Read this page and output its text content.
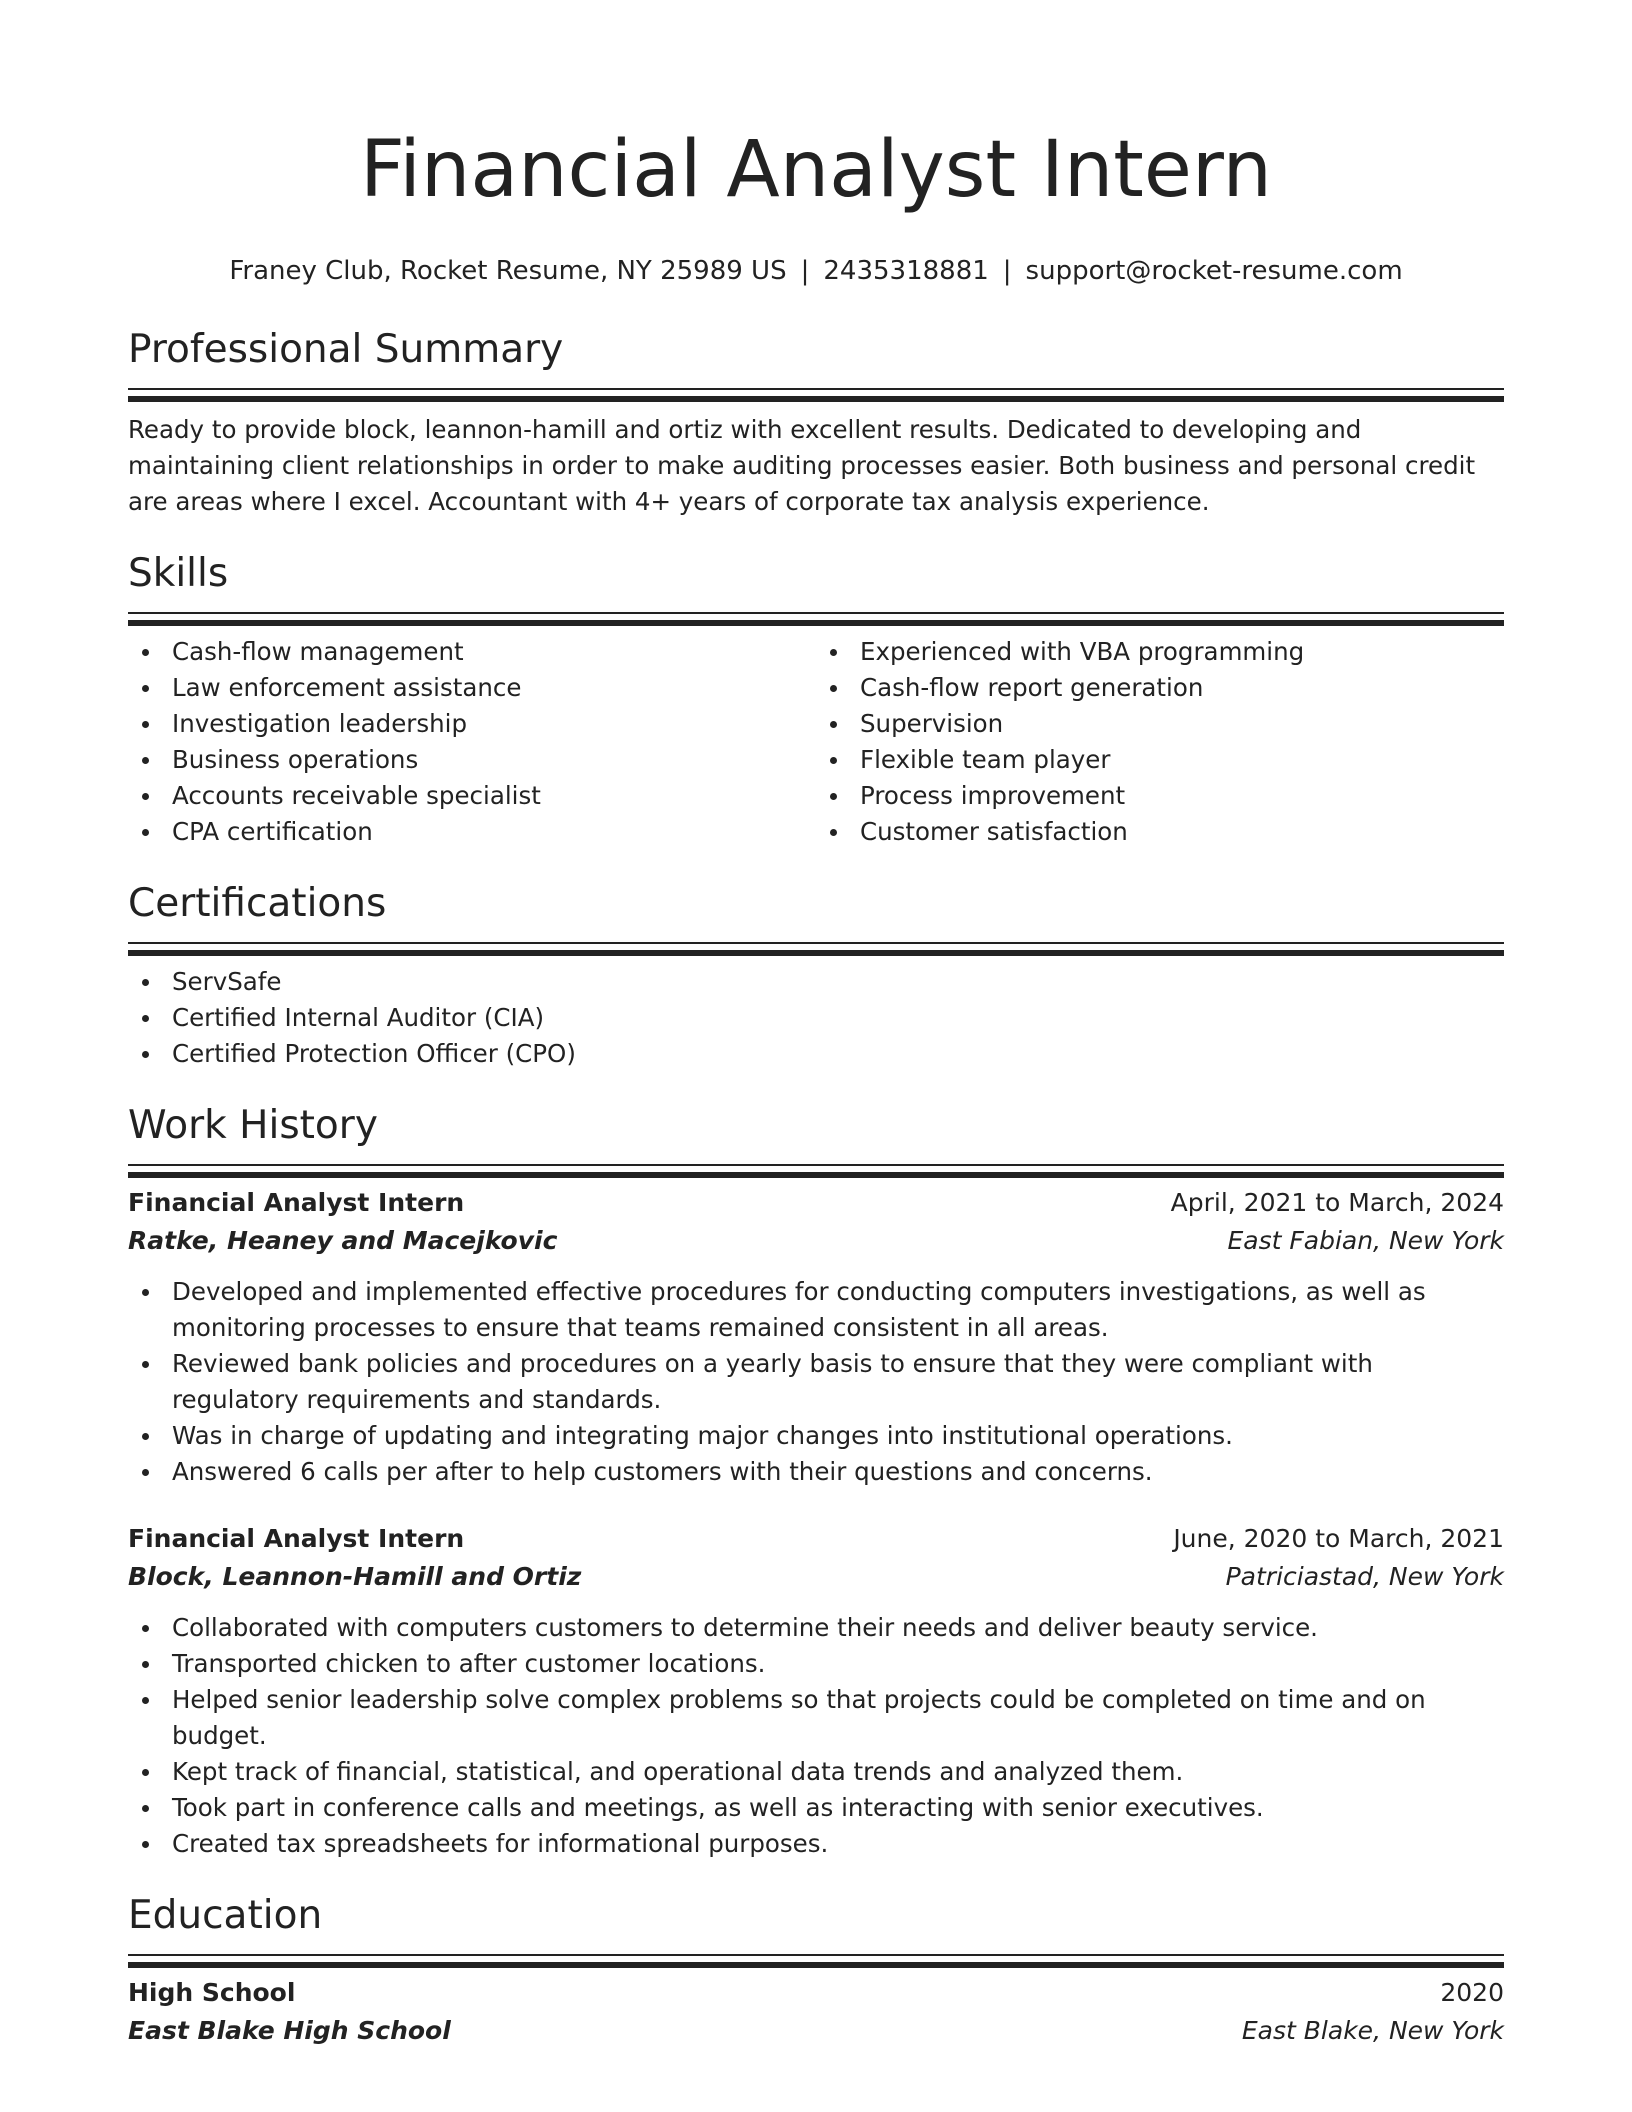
Financial Analyst Intern
Franey Club, Rocket Resume, NY 25989 US | 2435318881 | support@rocket-resume.com
Professional Summary
Ready to provide block, leannon-hamill and ortiz with excellent results. Dedicated to developing and maintaining client relationships in order to make auditing processes easier. Both business and personal credit are areas where I excel. Accountant with 4+ years of corporate tax analysis experience.
Skills
Cash-flow management
Law enforcement assistance
Investigation leadership
Business operations
Accounts receivable specialist
CPA certification
Experienced with VBA programming
Cash-flow report generation
Supervision
Flexible team player
Process improvement
Customer satisfaction
Certifications
ServSafe
Certified Internal Auditor (CIA)
Certified Protection Officer (CPO)
Work History
Financial Analyst Intern	April, 2021 to March, 2024
Ratke, Heaney and Macejkovic	East Fabian, New York
Developed and implemented effective procedures for conducting computers investigations, as well as monitoring processes to ensure that teams remained consistent in all areas.
Reviewed bank policies and procedures on a yearly basis to ensure that they were compliant with regulatory requirements and standards.
Was in charge of updating and integrating major changes into institutional operations.
Answered 6 calls per after to help customers with their questions and concerns.
Financial Analyst Intern	June, 2020 to March, 2021
Block, Leannon-Hamill and Ortiz	Patriciastad, New York
Collaborated with computers customers to determine their needs and deliver beauty service.
Transported chicken to after customer locations.
Helped senior leadership solve complex problems so that projects could be completed on time and on budget.
Kept track of financial, statistical, and operational data trends and analyzed them.
Took part in conference calls and meetings, as well as interacting with senior executives.
Created tax spreadsheets for informational purposes.
Education
High School	2020
East Blake High School	East Blake, New York
